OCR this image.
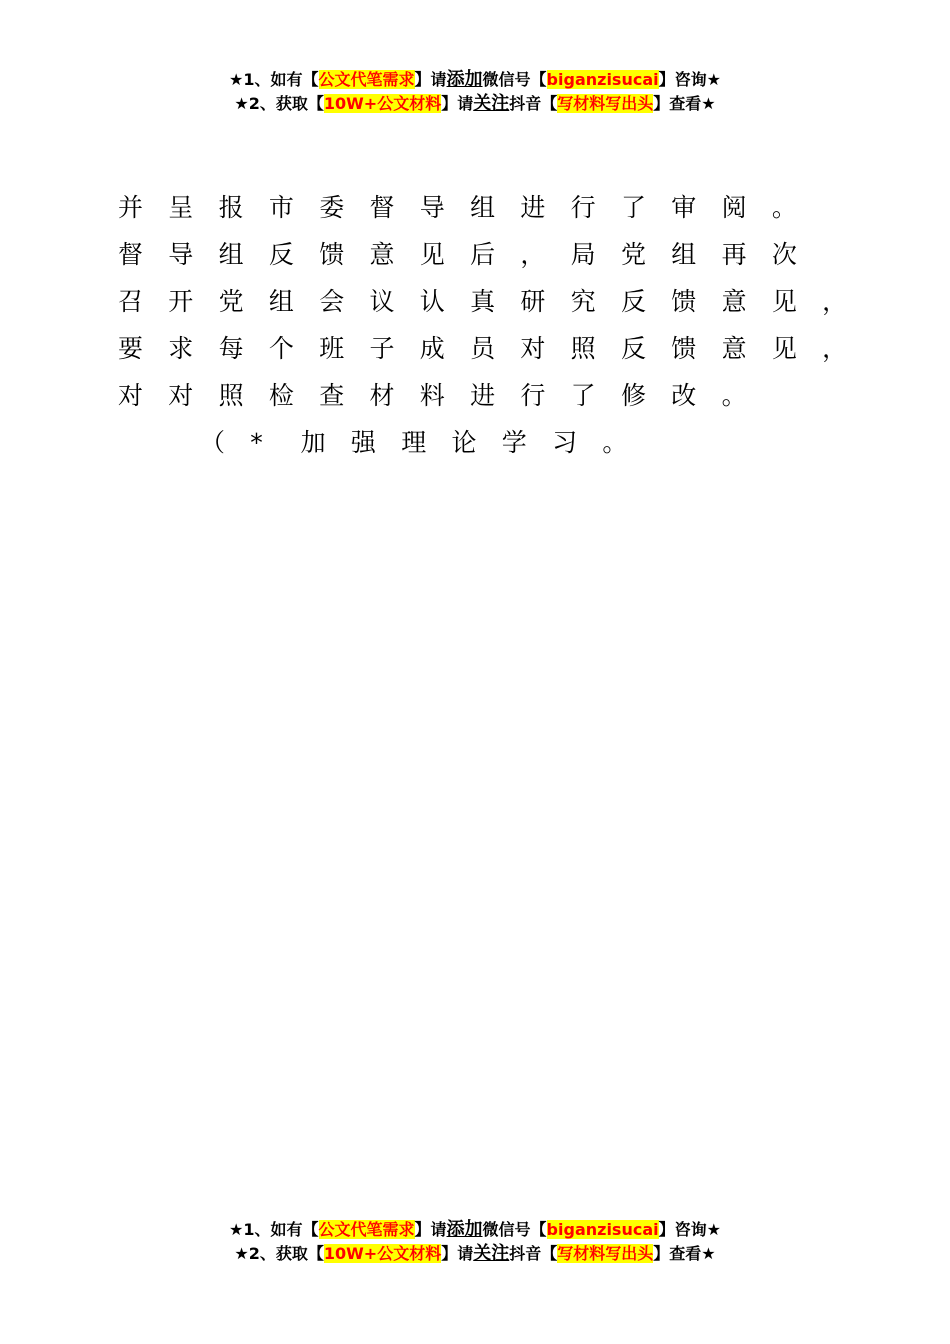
★1、如有【公文代笔需求】请添加微信号【biganzisucai】咨询★
★2、获取【10W+公文材料】请关注抖音【写材料写出头】查看★
并 呈 报 市 委 督 导 组 进 行 了 审 阅 。
督 导 组 反 馈 意 见 后 ， 局 党 组 再 次
召 开 党 组 会 议 认 真 研 究 反 馈 意 见 ，
要 求 每 个 班 子 成 员 对 照 反 馈 意 见 ，
对 对 照 检 查 材 料 进 行 了 修 改 。
（ * 加 强 理 论 学 习 。
★1、如有【公文代笔需求】请添加微信号【biganzisucai】咨询★
★2、获取【10W+公文材料】请关注抖音【写材料写出头】查看★
